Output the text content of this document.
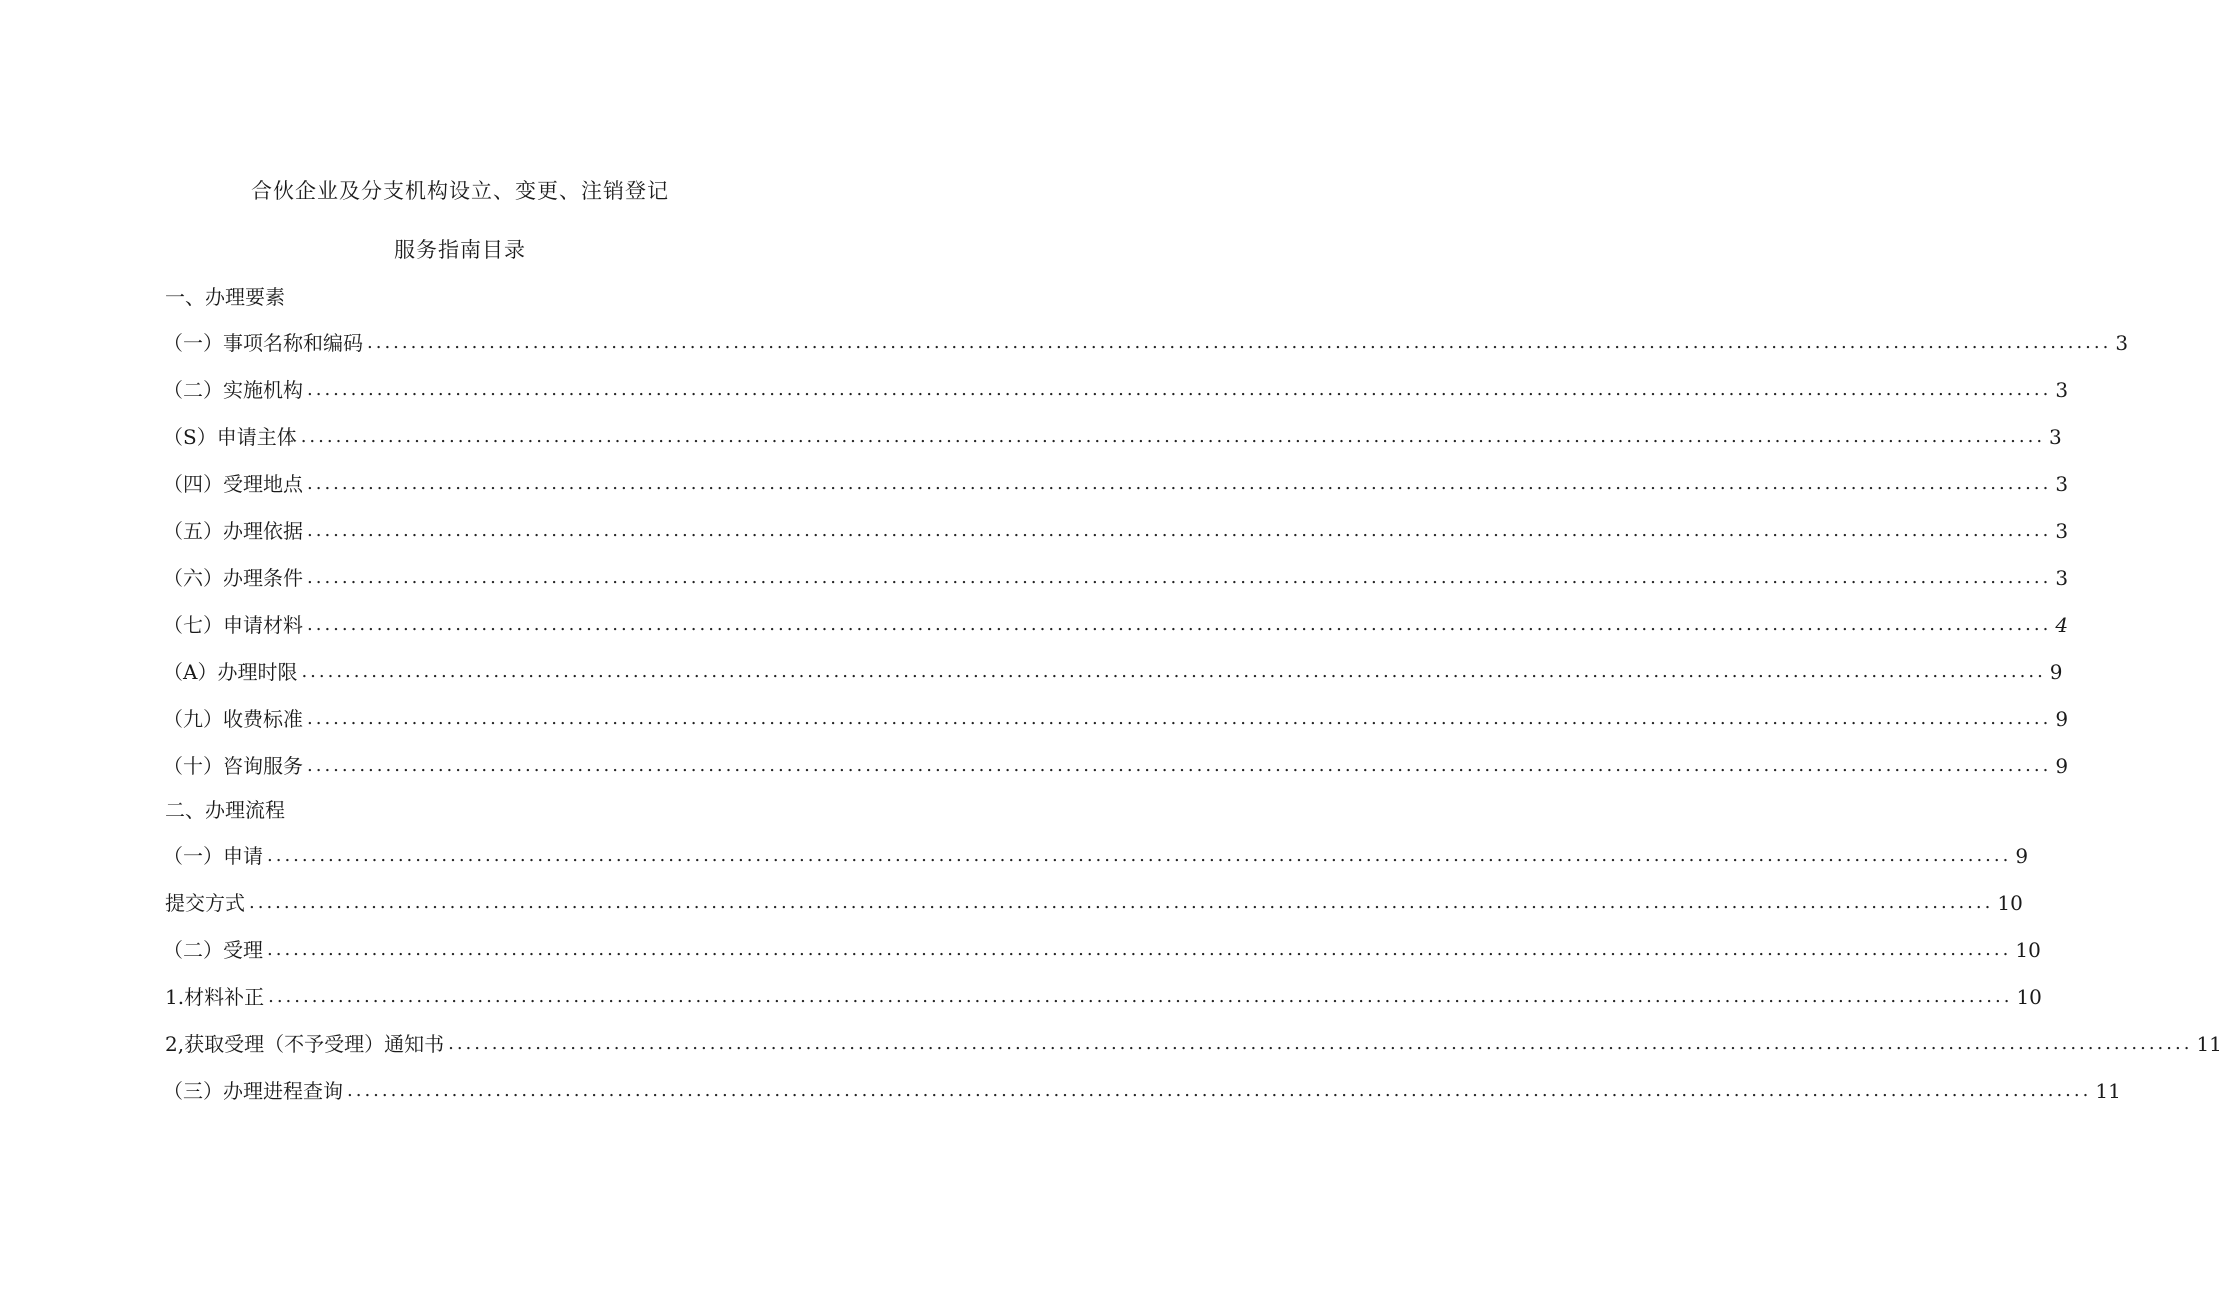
合伙企业及分支机构设立、变更、注销登记
服务指南目录
一、办理要素
（一）事项名称和编码 ........................................................................................................................................................................................................ 3
（二）实施机构 ........................................................................................................................................................................................................ 3
（S）申请主体 ........................................................................................................................................................................................................ 3
（四）受理地点 ........................................................................................................................................................................................................ 3
（五）办理依据 ........................................................................................................................................................................................................ 3
（六）办理条件 ........................................................................................................................................................................................................ 3
（七）申请材料 ........................................................................................................................................................................................................ 4
（A）办理时限 ........................................................................................................................................................................................................ 9
（九）收费标准 ........................................................................................................................................................................................................ 9
（十）咨询服务 ........................................................................................................................................................................................................ 9
二、办理流程
（一）申请 ........................................................................................................................................................................................................ 9
提交方式 ........................................................................................................................................................................................................ 10
（二）受理 ........................................................................................................................................................................................................ 10
1.材料补正 ........................................................................................................................................................................................................ 10
2,获取受理（不予受理）通知书 ........................................................................................................................................................................................................ 11
（三）办理进程查询 ........................................................................................................................................................................................................ 11
